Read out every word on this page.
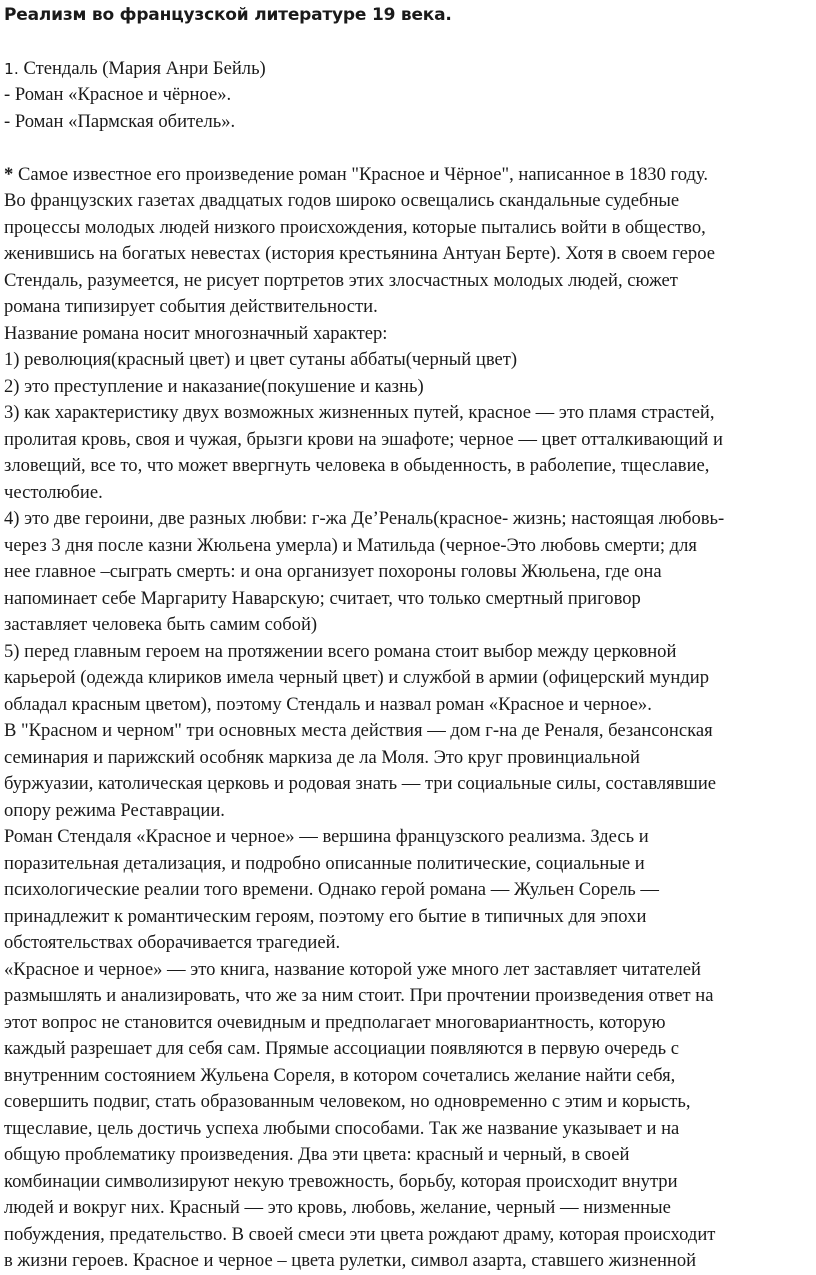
Реализм во французской литературе 19 века.
1. Стендаль (Мария Анри Бейль)
- Роман «Красное и чёрное».
- Роман «Пармская обитель».
* Самое известное его произведение роман "Красное и Чёрное", написанное в 1830 году.
Во французских газетах двадцатых годов широко освещались скандальные судебные
процессы молодых людей низкого происхождения, которые пытались войти в общество,
женившись на богатых невестах (история крестьянина Антуан Берте). Хотя в своем герое
Стендаль, разумеется, не рисует портретов этих злосчастных молодых людей, сюжет
романа типизирует события действительности.
Название романа носит многозначный характер:
1) революция(красный цвет) и цвет сутаны аббаты(черный цвет)
2) это преступление и наказание(покушение и казнь)
3) как характеристику двух возможных жизненных путей, красное — это пламя страстей,
пролитая кровь, своя и чужая, брызги крови на эшафоте; черное — цвет отталкивающий и
зловещий, все то, что может ввергнуть человека в обыденность, в раболепие, тщеславие,
честолюбие.
4) это две героини, две разных любви: г-жа Де’Реналь(красное- жизнь; настоящая любовь-
через 3 дня после казни Жюльена умерла) и Матильда (черное-Это любовь смерти; для
нее главное –сыграть смерть: и она организует похороны головы Жюльена, где она
напоминает себе Маргариту Наварскую; считает, что только смертный приговор
заставляет человека быть самим собой)
5) перед главным героем на протяжении всего романа стоит выбор между церковной
карьерой (одежда клириков имела черный цвет) и службой в армии (офицерский мундир
обладал красным цветом), поэтому Стендаль и назвал роман «Красное и черное».
В "Красном и черном" три основных места действия — дом г-на де Реналя, безансонская
семинария и парижский особняк маркиза де ла Моля. Это круг провинциальной
буржуазии, католическая церковь и родовая знать — три социальные силы, составлявшие
опору режима Реставрации.
Роман Стендаля «Красное и черное» — вершина французского реализма. Здесь и
поразительная детализация, и подробно описанные политические, социальные и
психологические реалии того времени. Однако герой романа — Жульен Сорель —
принадлежит к романтическим героям, поэтому его бытие в типичных для эпохи
обстоятельствах оборачивается трагедией.
«Красное и черное» — это книга, название которой уже много лет заставляет читателей
размышлять и анализировать, что же за ним стоит. При прочтении произведения ответ на
этот вопрос не становится очевидным и предполагает многовариантность, которую
каждый разрешает для себя сам. Прямые ассоциации появляются в первую очередь с
внутренним состоянием Жульена Сореля, в котором сочетались желание найти себя,
совершить подвиг, стать образованным человеком, но одновременно с этим и корысть,
тщеславие, цель достичь успеха любыми способами. Так же название указывает и на
общую проблематику произведения. Два эти цвета: красный и черный, в своей
комбинации символизируют некую тревожность, борьбу, которая происходит внутри
людей и вокруг них. Красный — это кровь, любовь, желание, черный — низменные
побуждения, предательство. В своей смеси эти цвета рождают драму, которая происходит
в жизни героев. Красное и черное – цвета рулетки, символ азарта, ставшего жизненной
